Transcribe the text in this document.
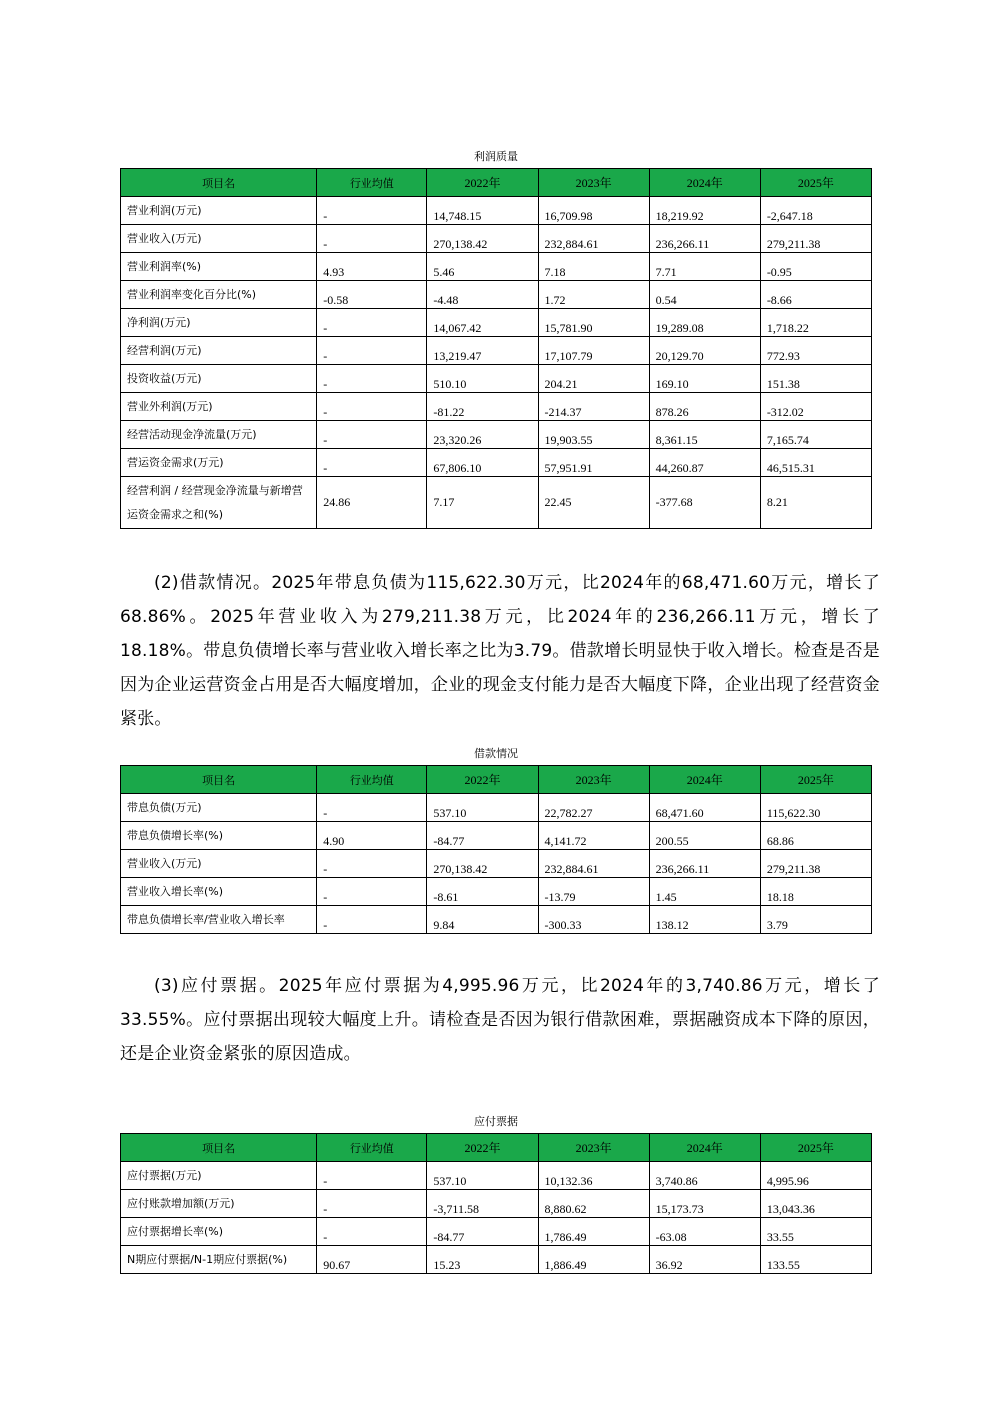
利润质量
项目名	行业均值	2022年	2023年	2024年	2025年
营业利润(万元)	-	14,748.15	16,709.98	18,219.92	-2,647.18
营业收入(万元)	-	270,138.42	232,884.61	236,266.11	279,211.38
营业利润率(%)	4.93	5.46	7.18	7.71	-0.95
营业利润率变化百分比(%)	-0.58	-4.48	1.72	0.54	-8.66
净利润(万元)	-	14,067.42	15,781.90	19,289.08	1,718.22
经营利润(万元)	-	13,219.47	17,107.79	20,129.70	772.93
投资收益(万元)	-	510.10	204.21	169.10	151.38
营业外利润(万元)	-	-81.22	-214.37	878.26	-312.02
经营活动现金净流量(万元)	-	23,320.26	19,903.55	8,361.15	7,165.74
营运资金需求(万元)	-	67,806.10	57,951.91	44,260.87	46,515.31
经营利润 / 经营现金净流量与新增营运资金需求之和(%)	24.86	7.17	22.45	-377.68	8.21
(2)借款情况。2025年带息负债为115,622.30万元，比2024年的68,471.60万元，增长了68.86%。2025年营业收入为279,211.38万元，比2024年的236,266.11万元，增长了18.18%。带息负债增长率与营业收入增长率之比为3.79。借款增长明显快于收入增长。检查是否是因为企业运营资金占用是否大幅度增加，企业的现金支付能力是否大幅度下降，企业出现了经营资金紧张。
借款情况
项目名	行业均值	2022年	2023年	2024年	2025年
带息负债(万元)	-	537.10	22,782.27	68,471.60	115,622.30
带息负债增长率(%)	4.90	-84.77	4,141.72	200.55	68.86
营业收入(万元)	-	270,138.42	232,884.61	236,266.11	279,211.38
营业收入增长率(%)	-	-8.61	-13.79	1.45	18.18
带息负债增长率/营业收入增长率	-	9.84	-300.33	138.12	3.79
(3)应付票据。2025年应付票据为4,995.96万元，比2024年的3,740.86万元，增长了33.55%。应付票据出现较大幅度上升。请检查是否因为银行借款困难，票据融资成本下降的原因，还是企业资金紧张的原因造成。
应付票据
项目名	行业均值	2022年	2023年	2024年	2025年
应付票据(万元)	-	537.10	10,132.36	3,740.86	4,995.96
应付账款增加额(万元)	-	-3,711.58	8,880.62	15,173.73	13,043.36
应付票据增长率(%)	-	-84.77	1,786.49	-63.08	33.55
N期应付票据/N-1期应付票据(%)	90.67	15.23	1,886.49	36.92	133.55
